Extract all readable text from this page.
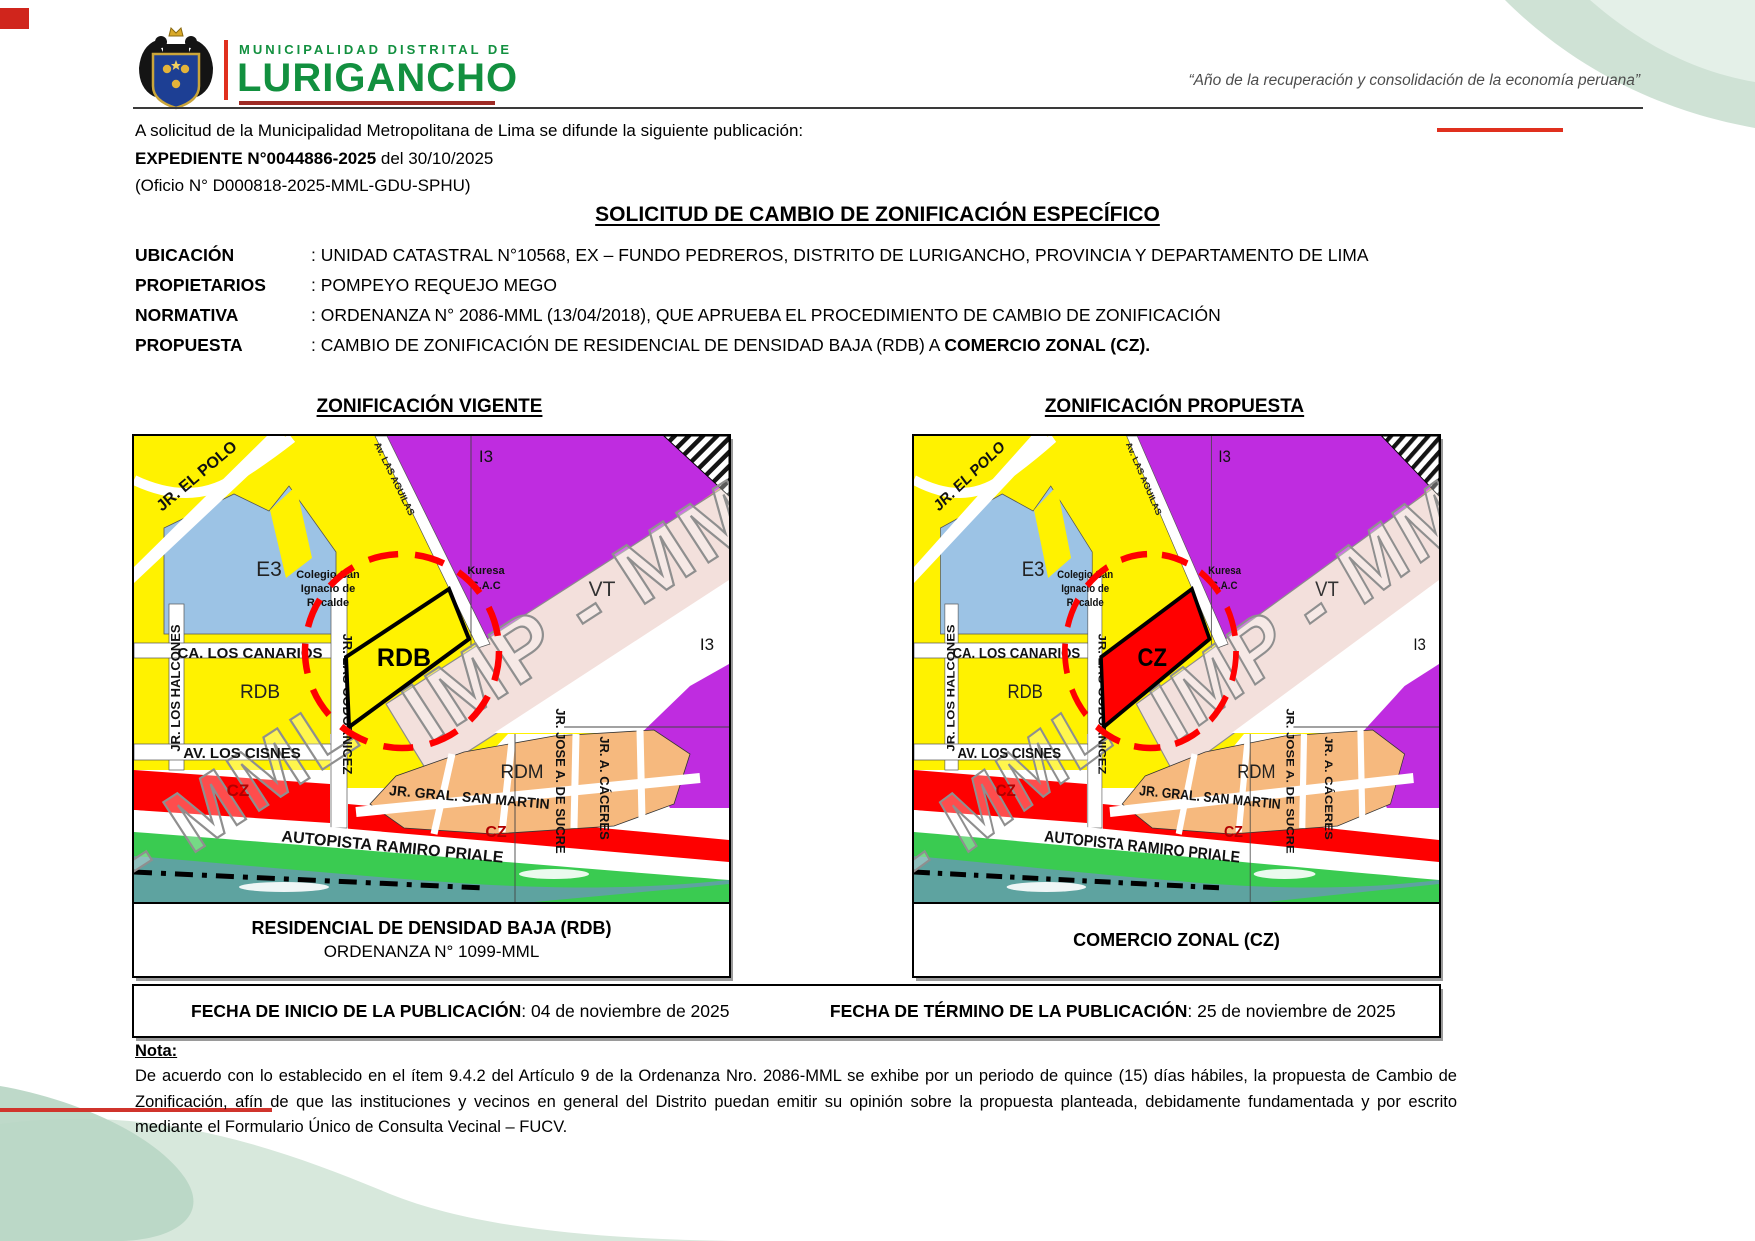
MUNICIPALIDAD DISTRITAL DE
LURIGANCHO	“Año de la recuperación y consolidación de la economía peruana”
A solicitud de la Municipalidad Metropolitana de Lima se difunde la siguiente publicación:
EXPEDIENTE N°0044886-2025 del 30/10/2025
(Oficio N° D000818-2025-MML-GDU-SPHU)
SOLICITUD DE CAMBIO DE ZONIFICACIÓN ESPECÍFICO
UBICACIÓN	: UNIDAD CATASTRAL N°10568, EX – FUNDO PEDREROS, DISTRITO DE LURIGANCHO, PROVINCIA Y DEPARTAMENTO DE LIMA
PROPIETARIOS	: POMPEYO REQUEJO MEGO
NORMATIVA	: ORDENANZA N° 2086-MML (13/04/2018), QUE APRUEBA EL PROCEDIMIENTO DE CAMBIO DE ZONIFICACIÓN
PROPUESTA	: CAMBIO DE ZONIFICACIÓN DE RESIDENCIAL DE DENSIDAD BAJA (RDB) A COMERCIO ZONAL (CZ).
ZONIFICACIÓN VIGENTE
RDB
RESIDENCIAL DE DENSIDAD BAJA (RDB)
ORDENANZA N° 1099-MML
ZONIFICACIÓN PROPUESTA
CZ
COMERCIO ZONAL (CZ)
FECHA DE INICIO DE LA PUBLICACIÓN: 04 de noviembre de 2025	FECHA DE TÉRMINO DE LA PUBLICACIÓN: 25 de noviembre de 2025
Nota:
De acuerdo con lo establecido en el ítem 9.4.2 del Artículo 9 de la Ordenanza Nro. 2086-MML se exhibe por un periodo de quince (15) días hábiles, la propuesta de Cambio de Zonificación, afín de que las instituciones y vecinos en general del Distrito puedan emitir su opinión sobre la propuesta planteada, debidamente fundamentada y por escrito mediante el Formulario Único de Consulta Vecinal – FUCV.
